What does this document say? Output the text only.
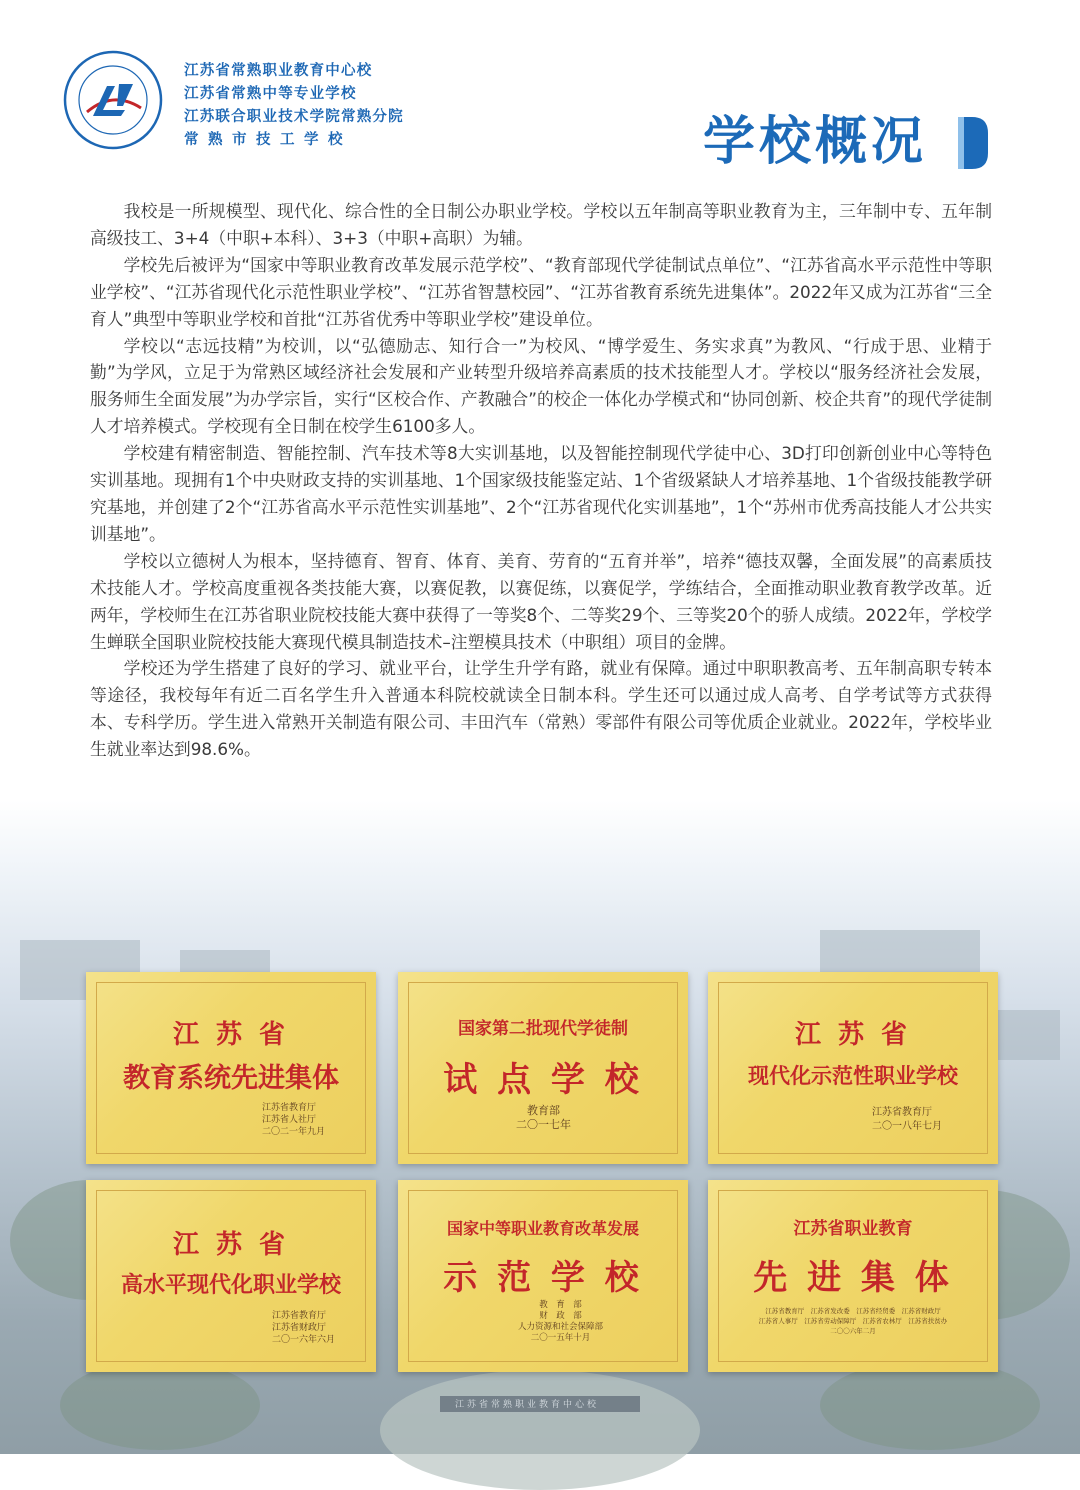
江苏省常熟职业教育中心校
江苏省常熟职业教育中心校
江苏省常熟中等专业学校
江苏联合职业技术学院常熟分院
常熟市技工学校	学校概况

我校是一所规模型、现代化、综合性的全日制公办职业学校。学校以五年制高等职业教育为主，三年制中专、五年制高级技工、3+4（中职+本科）、3+3（中职+高职）为辅。

学校先后被评为“国家中等职业教育改革发展示范学校”、“教育部现代学徒制试点单位”、“江苏省高水平示范性中等职业学校”、“江苏省现代化示范性职业学校”、“江苏省智慧校园”、“江苏省教育系统先进集体”。2022年又成为江苏省“三全育人”典型中等职业学校和首批“江苏省优秀中等职业学校”建设单位。

学校以“志远技精”为校训，以“弘德励志、知行合一”为校风、“博学爱生、务实求真”为教风、“行成于思、业精于勤”为学风，立足于为常熟区域经济社会发展和产业转型升级培养高素质的技术技能型人才。学校以“服务经济社会发展，服务师生全面发展”为办学宗旨，实行“区校合作、产教融合”的校企一体化办学模式和“协同创新、校企共育”的现代学徒制人才培养模式。学校现有全日制在校学生6100多人。

学校建有精密制造、智能控制、汽车技术等8大实训基地，以及智能控制现代学徒中心、3D打印创新创业中心等特色实训基地。现拥有1个中央财政支持的实训基地、1个国家级技能鉴定站、1个省级紧缺人才培养基地、1个省级技能教学研究基地，并创建了2个“江苏省高水平示范性实训基地”、2个“江苏省现代化实训基地”，1个“苏州市优秀高技能人才公共实训基地”。

学校以立德树人为根本，坚持德育、智育、体育、美育、劳育的“五育并举”，培养“德技双馨，全面发展”的高素质技术技能人才。学校高度重视各类技能大赛，以赛促教，以赛促练，以赛促学，学练结合，全面推动职业教育教学改革。近两年，学校师生在江苏省职业院校技能大赛中获得了一等奖8个、二等奖29个、三等奖20个的骄人成绩。2022年，学校学生蝉联全国职业院校技能大赛现代模具制造技术–注塑模具技术（中职组）项目的金牌。

学校还为学生搭建了良好的学习、就业平台，让学生升学有路，就业有保障。通过中职职教高考、五年制高职专转本等途径，我校每年有近二百名学生升入普通本科院校就读全日制本科。学生还可以通过成人高考、自学考试等方式获得本、专科学历。学生进入常熟开关制造有限公司、丰田汽车（常熟）零部件有限公司等优质企业就业。2022年，学校毕业生就业率达到98.6%。

江 苏 省
教育系统先进集体
江苏省教育厅
江苏省人社厅
二〇二一年九月
国家第二批现代学徒制
试 点 学 校
教育部
二〇一七年
江 苏 省
现代化示范性职业学校
江苏省教育厅
二〇一八年七月
江 苏 省
高水平现代化职业学校
江苏省教育厅
江苏省财政厅
二〇一六年六月
国家中等职业教育改革发展
示 范 学 校
教　育　部
财　政　部
人力资源和社会保障部
二〇一五年十月
江苏省职业教育
先 进 集 体
江苏省教育厅　江苏省发改委　江苏省经贸委　江苏省财政厅
江苏省人事厅　江苏省劳动保障厅　江苏省农林厅　江苏省扶贫办
二〇〇六年二月
